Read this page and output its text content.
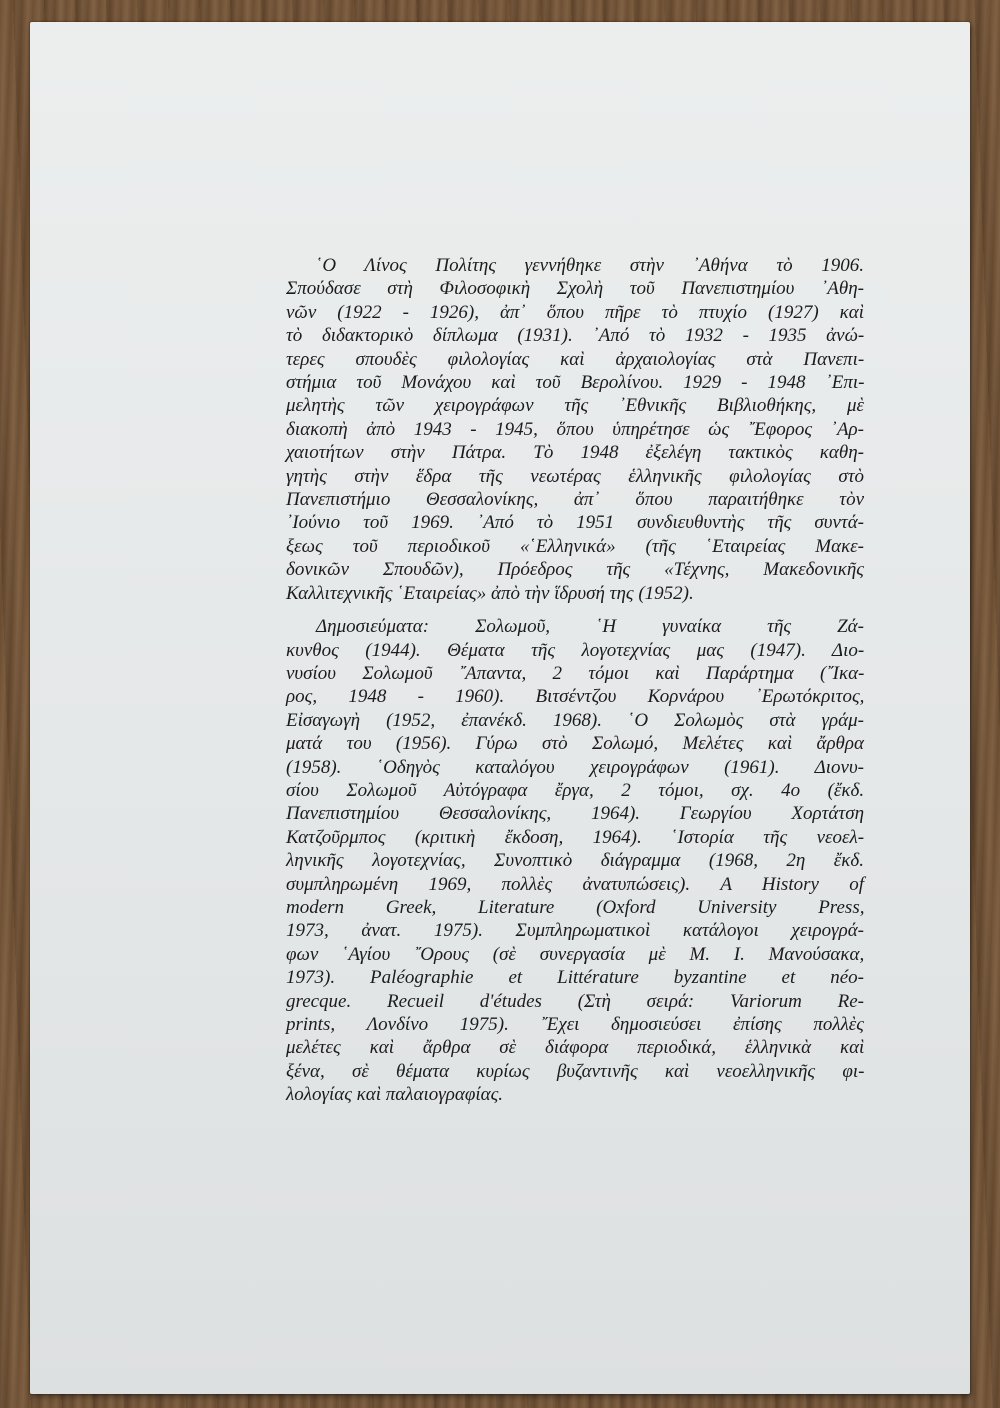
῾Ο Λίνος Πολίτης γεννήθηκε στὴν ᾿Αθήνα τὸ 1906.
Σπούδασε στὴ Φιλοσοφικὴ Σχολὴ τοῦ Πανεπιστημίου ᾿Αθη-
νῶν (1922 - 1926), ἀπ᾿ ὅπου πῆρε τὸ πτυχίο (1927) καὶ
τὸ διδακτορικὸ δίπλωμα (1931). ᾿Από τὸ 1932 - 1935 ἀνώ-
τερες σπουδὲς φιλολογίας καὶ ἀρχαιολογίας στὰ Πανεπι-
στήμια τοῦ Μονάχου καὶ τοῦ Βερολίνου. 1929 - 1948 ᾿Επι-
μελητὴς τῶν χειρογράφων τῆς ᾿Εθνικῆς Βιβλιοθήκης, μὲ
διακοπὴ ἀπὸ 1943 - 1945, ὅπου ὑπηρέτησε ὡς ῎Εφορος ᾿Αρ-
χαιοτήτων στὴν Πάτρα. Τὸ 1948 ἐξελέγη τακτικὸς καθη-
γητὴς στὴν ἕδρα τῆς νεωτέρας ἑλληνικῆς φιλολογίας στὸ
Πανεπιστήμιο Θεσσαλονίκης, ἀπ᾿ ὅπου παραιτήθηκε τὸν
᾿Ιούνιο τοῦ 1969. ᾿Από τὸ 1951 συνδιευθυντὴς τῆς συντά-
ξεως τοῦ περιοδικοῦ «῾Ελληνικά» (τῆς ῾Εταιρείας Μακε-
δονικῶν Σπουδῶν), Πρόεδρος τῆς «Τέχνης, Μακεδονικῆς
Καλλιτεχνικῆς ῾Εταιρείας» ἀπὸ τὴν ἵδρυσή της (1952).

Δημοσιεύματα: Σολωμοῦ, ῾Η γυναίκα τῆς Ζά-
κυνθος (1944). Θέματα τῆς λογοτεχνίας μας (1947). Διο-
νυσίου Σολωμοῦ ῎Απαντα, 2 τόμοι καὶ Παράρτημα (῎Ικα-
ρος, 1948 - 1960). Βιτσέντζου Κορνάρου ᾿Ερωτόκριτος,
Εἰσαγωγὴ (1952, ἐπανέκδ. 1968). ῾Ο Σολωμὸς στὰ γράμ-
ματά του (1956). Γύρω στὸ Σολωμό, Μελέτες καὶ ἄρθρα
(1958). ῾Οδηγὸς καταλόγου χειρογράφων (1961). Διονυ-
σίου Σολωμοῦ Αὐτόγραφα ἔργα, 2 τόμοι, σχ. 4ο (ἔκδ.
Πανεπιστημίου Θεσσαλονίκης, 1964). Γεωργίου Χορτάτση
Κατζοῦρμπος (κριτικὴ ἔκδοση, 1964). ῾Ιστορία τῆς νεοελ-
ληνικῆς λογοτεχνίας, Συνοπτικὸ διάγραμμα (1968, 2η ἔκδ.
συμπληρωμένη 1969, πολλὲς ἀνατυπώσεις). A History of
modern Greek, Literature (Oxford University Press,
1973, ἀνατ. 1975). Συμπληρωματικοὶ κατάλογοι χειρογρά-
φων ῾Αγίου ῎Ορους (σὲ συνεργασία μὲ Μ. Ι. Μανούσακα,
1973). Paléographie et Littérature byzantine et néo-
grecque. Recueil d'études (Στὴ σειρά: Variorum Re-
prints, Λονδίνο 1975). ῎Εχει δημοσιεύσει ἐπίσης πολλὲς
μελέτες καὶ ἄρθρα σὲ διάφορα περιοδικά, ἑλληνικὰ καὶ
ξένα, σὲ θέματα κυρίως βυζαντινῆς καὶ νεοελληνικῆς φι-
λολογίας καὶ παλαιογραφίας.
